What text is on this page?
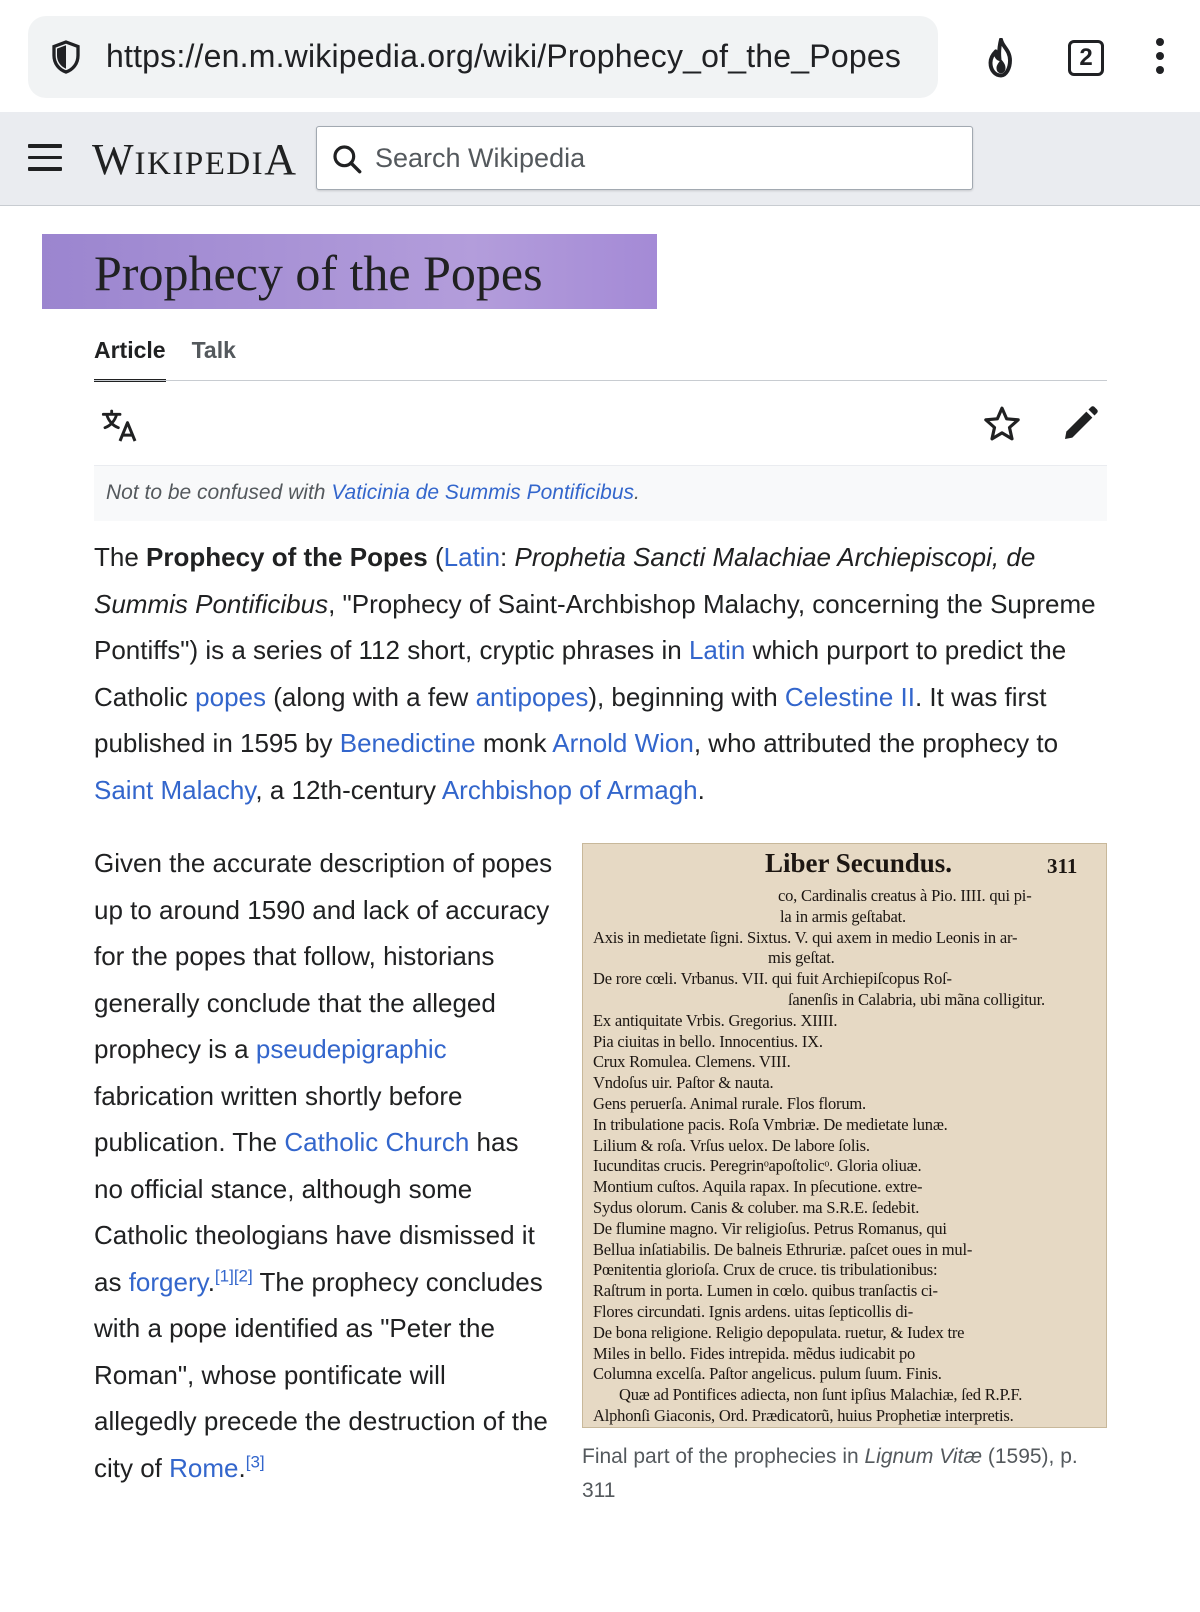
https://en.m.wikipedia.org/wiki/Prophecy_of_the_Popes	2
WIKIPEDIA
Search Wikipedia
Prophecy of the Popes
Article Talk
Not to be confused with Vaticinia de Summis Pontificibus.

The Prophecy of the Popes (Latin: Prophetia Sancti Malachiae Archiepiscopi, de Summis Pontificibus, "Prophecy of Saint-Archbishop Malachy, concerning the Supreme Pontiffs") is a series of 112 short, cryptic phrases in Latin which purport to predict the Catholic popes (along with a few antipopes), beginning with Celestine II. It was first published in 1595 by Benedictine monk Arnold Wion, who attributed the prophecy to Saint Malachy, a 12th-century Archbishop of Armagh.

Given the accurate description of popes up to around 1590 and lack of accuracy for the popes that follow, historians generally conclude that the alleged prophecy is a pseudepigraphic fabrication written shortly before publication. The Catholic Church has no official stance, although some Catholic theologians have dismissed it as forgery.[1][2] The prophecy concludes with a pope identified as "Peter the Roman", whose pontificate will allegedly precede the destruction of the city of Rome.[3]

Liber Secundus.	311
co, Cardinalis creatus à Pio. IIII. qui pi-
la in armis geſtabat.
Axis in medietate ſigni. Sixtus. V. qui axem in medio Leonis in ar-
mis geſtat.
De rore cœli. Vrbanus. VII. qui fuit Archiepiſcopus Roſ-
ſanenſis in Calabria, ubi mãna colligitur.
Ex antiquitate Vrbis. Gregorius. XIIII.
Pia ciuitas in bello. Innocentius. IX.
Crux Romulea. Clemens. VIII.
Vndoſus uir. Paſtor & nauta.
Gens peruerſa. Animal rurale. Flos florum.
In tribulatione pacis. Roſa Vmbriæ. De medietate lunæ.
Lilium & roſa. Vrſus uelox. De labore ſolis.
Iucunditas crucis. Peregrinᵒapoſtolicᵒ. Gloria oliuæ.
Montium cuſtos. Aquila rapax. In pſecutione. extre-
Sydus olorum. Canis & coluber. ma S.R.E. ſedebit.
De flumine magno. Vir religioſus. Petrus Romanus, qui
Bellua inſatiabilis. De balneis Ethruriæ. paſcet oues in mul-
Pœnitentia glorioſa. Crux de cruce. tis tribulationibus:
Raſtrum in porta. Lumen in cœlo. quibus tranſactis ci-
Flores circundati. Ignis ardens. uitas ſepticollis di-
De bona religione. Religio depopulata. ruetur, & Iudex tre
Miles in bello. Fides intrepida. mẽdus iudicabit po
Columna excelſa. Paſtor angelicus. pulum ſuum. Finis.
Quæ ad Pontifices adiecta, non ſunt ipſius Malachiæ, ſed R.P.F.
Alphonſi Giaconis, Ord. Prædicatorũ, huius Prophetiæ interpretis.

Final part of the prophecies in Lignum Vitæ (1595), p. 311
